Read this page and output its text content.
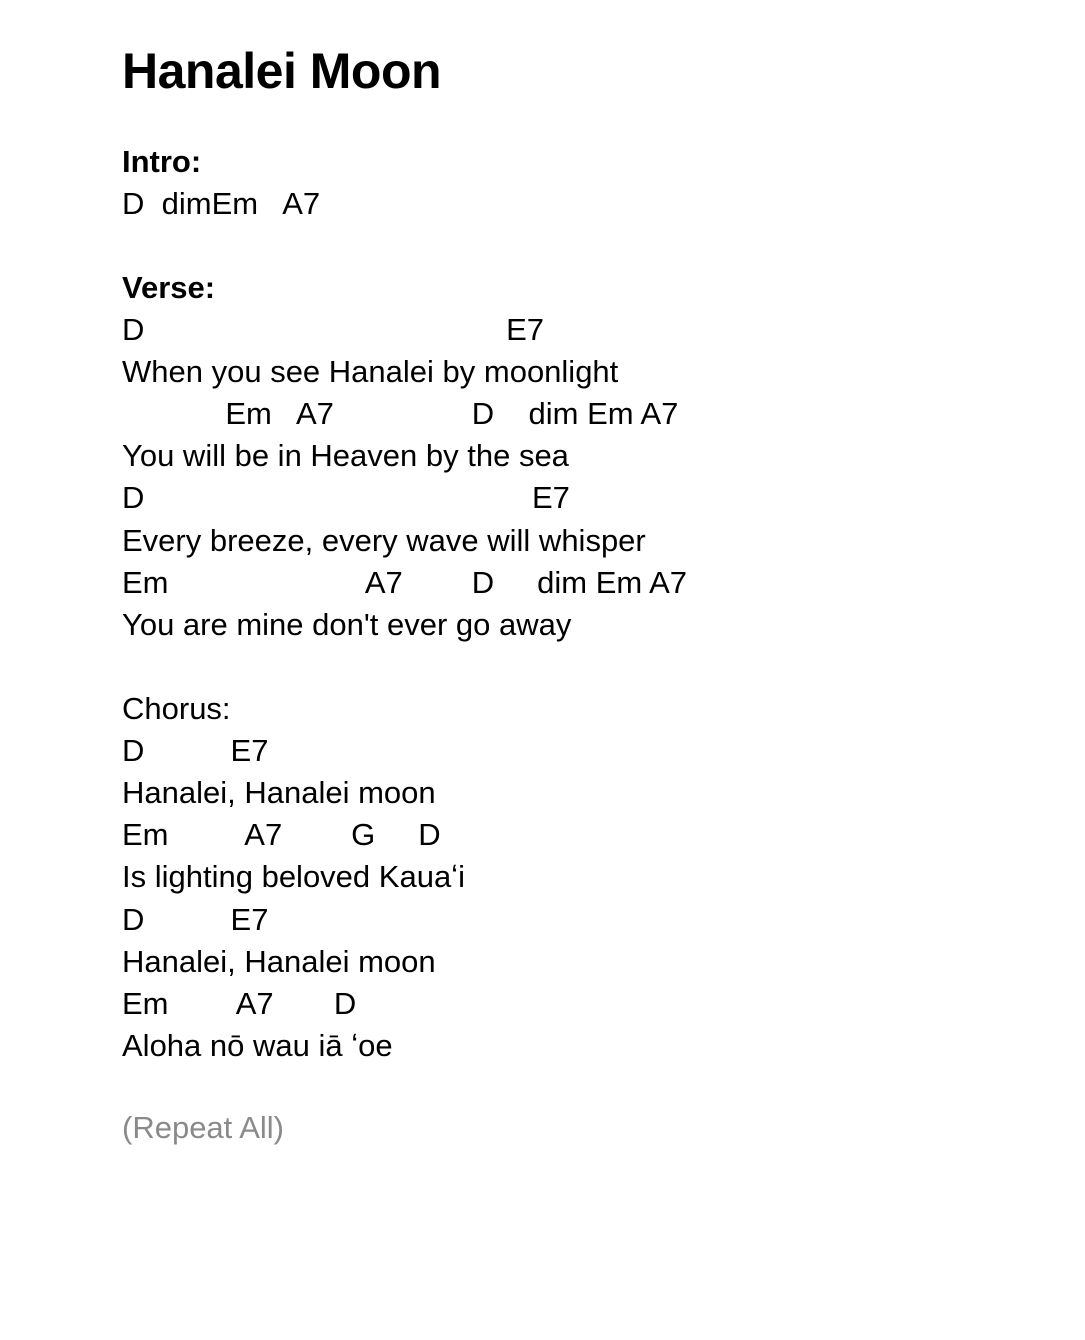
Hanalei Moon

Intro:

D  dimEm   A7

Verse:

D                                          E7

When you see Hanalei by moonlight

Em   A7                D    dim Em A7

You will be in Heaven by the sea

D                                             E7

Every breeze, every wave will whisper

Em                       A7        D     dim Em A7

You are mine don't ever go away

Chorus:

D          E7

Hanalei, Hanalei moon

Em         A7        G     D

Is lighting beloved Kauaʻi

D          E7

Hanalei, Hanalei moon

Em        A7       D

Aloha nō wau iā ʻoe

(Repeat All)
